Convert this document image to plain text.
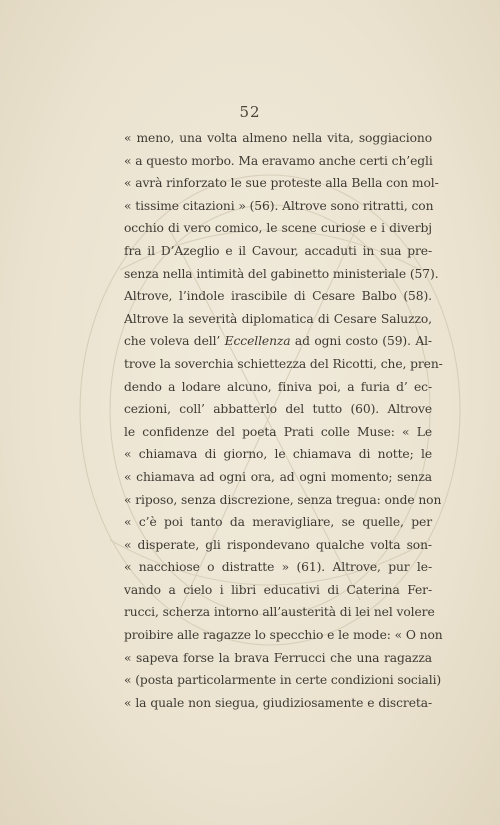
52
« meno, una volta almeno nella vita, soggiaciono
« a questo morbo. Ma eravamo anche certi ch’egli
« avrà rinforzato le sue proteste alla Bella con mol-
« tissime citazioni » (56). Altrove sono ritratti, con
occhio di vero comico, le scene curiose e i diverbj
fra il D’Azeglio e il Cavour, accaduti in sua pre-
senza nella intimità del gabinetto ministeriale (57).
Altrove, l’indole irascibile di Cesare Balbo (58).
Altrove la severità diplomatica di Cesare Saluzzo,
che voleva dell’ Eccellenza ad ogni costo (59). Al-
trove la soverchia schiettezza del Ricotti, che, pren-
dendo a lodare alcuno, finiva poi, a furia d’ ec-
cezioni, coll’ abbatterlo del tutto (60). Altrove
le confidenze del poeta Prati colle Muse: « Le
« chiamava di giorno, le chiamava di notte; le
« chiamava ad ogni ora, ad ogni momento; senza
« riposo, senza discrezione, senza tregua: onde non
« c’è poi tanto da meravigliare, se quelle, per
« disperate, gli rispondevano qualche volta son-
« nacchiose o distratte » (61). Altrove, pur le-
vando a cielo i libri educativi di Caterina Fer-
rucci, scherza intorno all’austerità di lei nel volere
proibire alle ragazze lo specchio e le mode: « O non
« sapeva forse la brava Ferrucci che una ragazza
« (posta particolarmente in certe condizioni sociali)
« la quale non siegua, giudiziosamente e discreta-
